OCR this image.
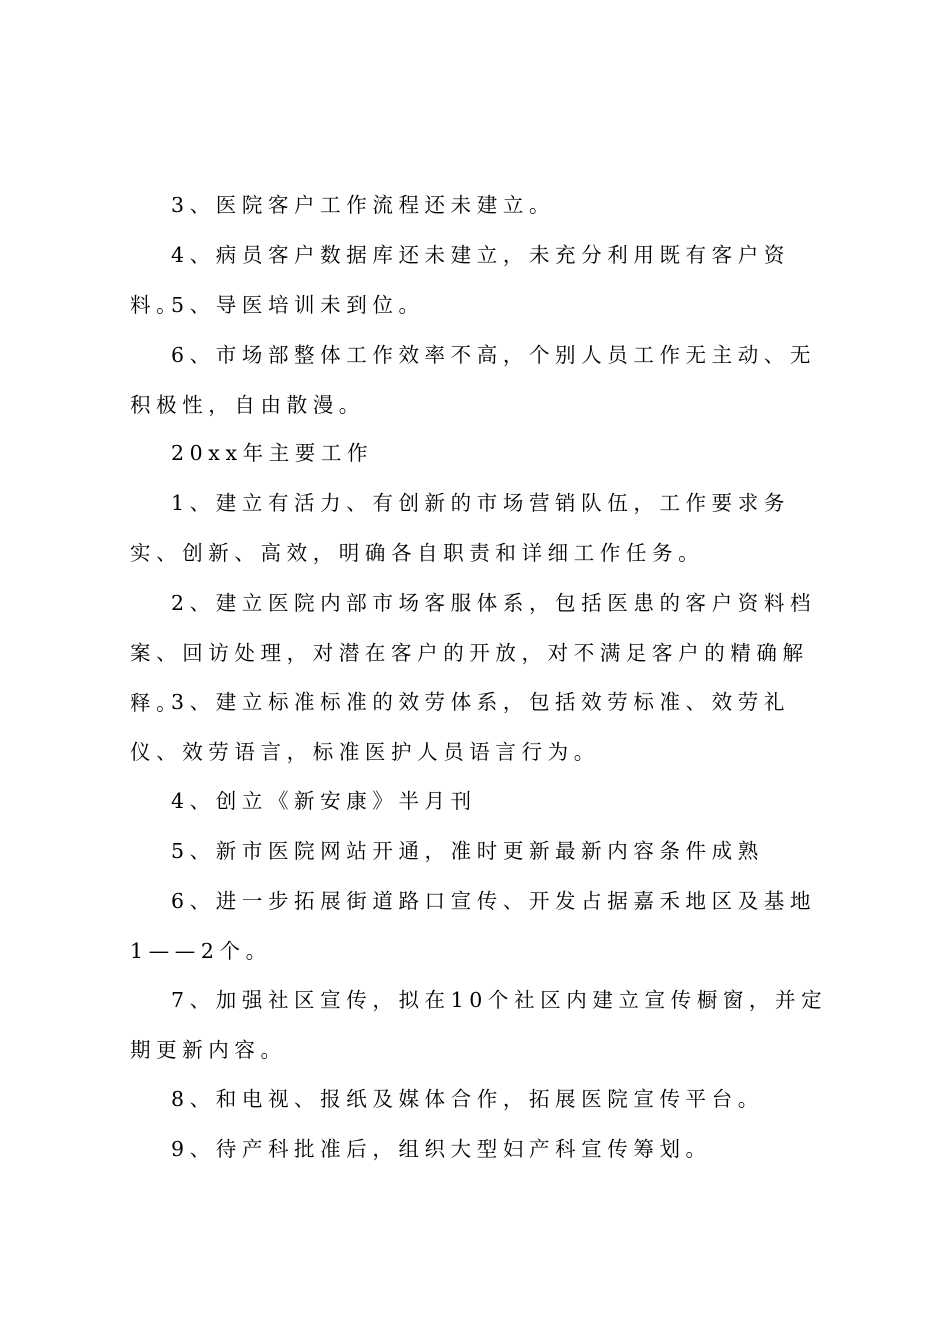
3、医院客户工作流程还未建立。

4、病员客户数据库还未建立，未充分利用既有客户资料。

5、导医培训未到位。

6、市场部整体工作效率不高，个别人员工作无主动、无积极性，自由散漫。

20xx年主要工作

1、建立有活力、有创新的市场营销队伍，工作要求务实、创新、高效，明确各自职责和详细工作任务。

2、建立医院内部市场客服体系，包括医患的客户资料档案、回访处理，对潜在客户的开放，对不满足客户的精确解释。

3、建立标准标准的效劳体系，包括效劳标准、效劳礼仪、效劳语言，标准医护人员语言行为。

4、创立《新安康》半月刊

5、新市医院网站开通，准时更新最新内容条件成熟

6、进一步拓展街道路口宣传、开发占据嘉禾地区及基地1——2个。

7、加强社区宣传，拟在10个社区内建立宣传橱窗，并定期更新内容。

8、和电视、报纸及媒体合作，拓展医院宣传平台。

9、待产科批准后，组织大型妇产科宣传筹划。
